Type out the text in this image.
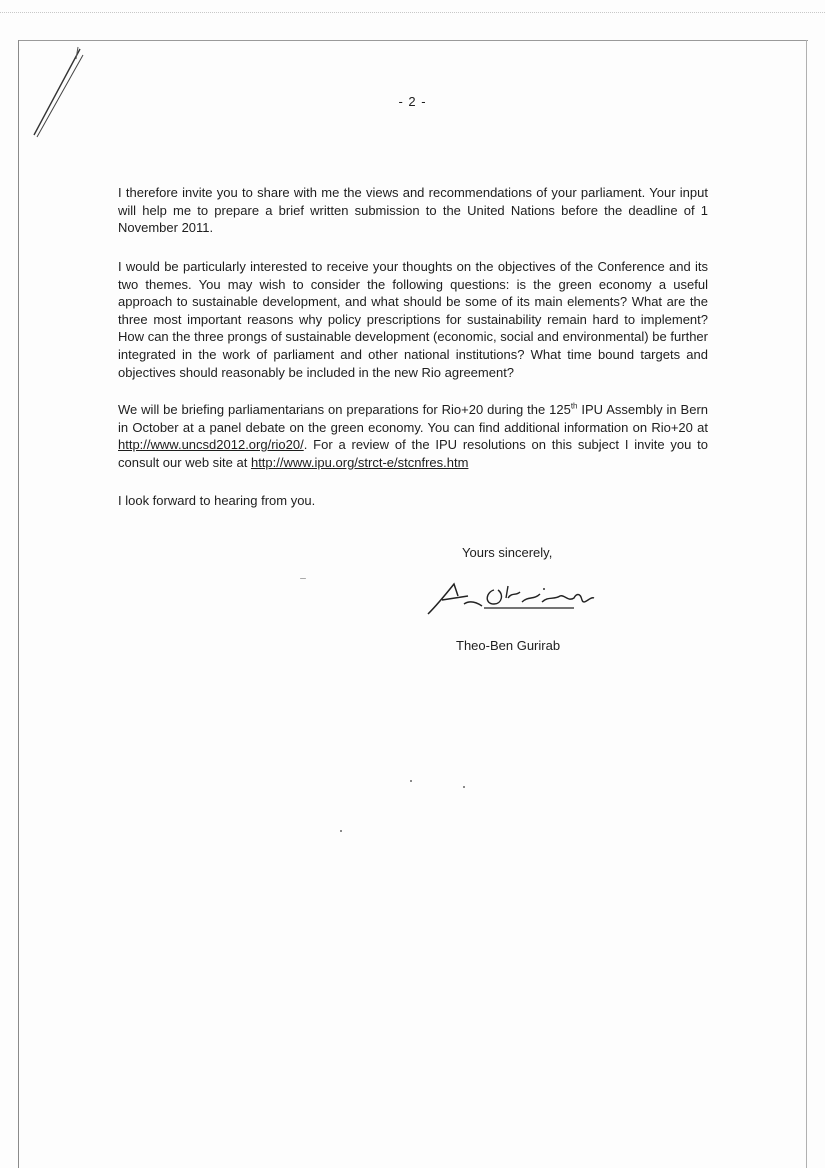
- 2 -
I therefore invite you to share with me the views and recommendations of your parliament. Your input will help me to prepare a brief written submission to the United Nations before the deadline of 1 November 2011.
I would be particularly interested to receive your thoughts on the objectives of the Conference and its two themes. You may wish to consider the following questions: is the green economy a useful approach to sustainable development, and what should be some of its main elements? What are the three most important reasons why policy prescriptions for sustainability remain hard to implement? How can the three prongs of sustainable development (economic, social and environmental) be further integrated in the work of parliament and other national institutions? What time bound targets and objectives should reasonably be included in the new Rio agreement?
We will be briefing parliamentarians on preparations for Rio+20 during the 125th IPU Assembly in Bern in October at a panel debate on the green economy. You can find additional information on Rio+20 at http://www.uncsd2012.org/rio20/. For a review of the IPU resolutions on this subject I invite you to consult our web site at http://www.ipu.org/strct-e/stcnfres.htm
I look forward to hearing from you.
Yours sincerely,
Theo-Ben Gurirab
